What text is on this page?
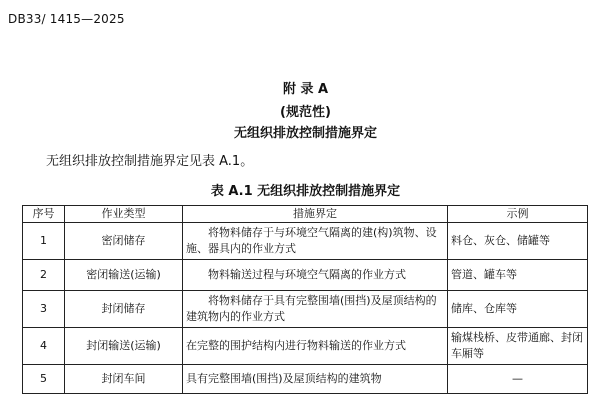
DB33/ 1415—2025
附 录 A
(规范性)
无组织排放控制措施界定
无组织排放控制措施界定见表 A.1。
表 A.1 无组织排放控制措施界定
序号	作业类型	措施界定	示例
1	密闭储存	将物料储存于与环境空气隔离的建(构)筑物、设施、器具内的作业方式	料仓、灰仓、储罐等
2	密闭输送(运输)	物料输送过程与环境空气隔离的作业方式	管道、罐车等
3	封闭储存	将物料储存于具有完整围墙(围挡)及屋顶结构的建筑物内的作业方式	储库、仓库等
4	封闭输送(运输)	在完整的围护结构内进行物料输送的作业方式	输煤栈桥、皮带通廊、封闭车厢等
5	封闭车间	具有完整围墙(围挡)及屋顶结构的建筑物	—
